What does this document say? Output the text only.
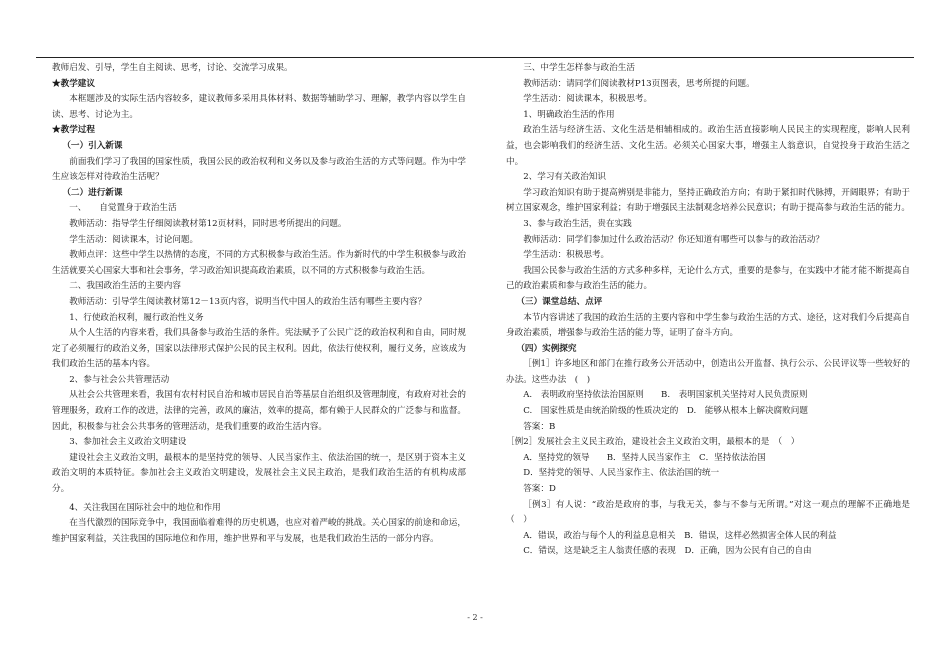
教师启发、引导，学生自主阅读、思考，讨论、交流学习成果。

★教学建议

本框题涉及的实际生活内容较多，建议教师多采用具体材料、数据等辅助学习、理解，教学内容以学生自读、思考、讨论为主。

★教学过程

（一）引入新课

前面我们学习了我国的国家性质，我国公民的政治权利和义务以及参与政治生活的方式等问题。作为中学生应该怎样对待政治生活呢？

（二）进行新课

一、　　自觉置身于政治生活

教师活动：指导学生仔细阅读教材第12页材料，同时思考所提出的问题。

学生活动：阅读课本，讨论问题。

教师点评：这些中学生以热情的态度，不同的方式积极参与政治生活。作为新时代的中学生积极参与政治生活就要关心国家大事和社会事务，学习政治知识提高政治素质，以不同的方式积极参与政治生活。

二、我国政治生活的主要内容

教师活动：引导学生阅读教材第12－13页内容，说明当代中国人的政治生活有哪些主要内容？

1、行使政治权利，履行政治性义务

从个人生活的内容来看，我们具备参与政治生活的条件。宪法赋予了公民广泛的政治权利和自由，同时规定了必须履行的政治义务，国家以法律形式保护公民的民主权利。因此，依法行使权利，履行义务，应该成为我们政治生活的基本内容。

2、参与社会公共管理活动

从社会公共管理来看，我国有农村村民自治和城市居民自治等基层自治组织及管理制度，有政府对社会的管理服务，政府工作的改进，法律的完善，政风的廉洁，效率的提高，都有赖于人民群众的广泛参与和监督。因此，积极参与社会公共事务的管理活动，是我们重要的政治生活内容。

3、参加社会主义政治文明建设

建设社会主义政治文明，最根本的是坚持党的领导、人民当家作主、依法治国的统一，是区别于资本主义政治文明的本质特征。参加社会主义政治文明建设，发展社会主义民主政治，是我们政治生活的有机构成部分。

4、关注我国在国际社会中的地位和作用

在当代激烈的国际竞争中，我国面临着难得的历史机遇，也应对着严峻的挑战。关心国家的前途和命运，维护国家利益，关注我国的国际地位和作用，维护世界和平与发展，也是我们政治生活的一部分内容。

三、中学生怎样参与政治生活

教师活动：请同学们阅读教材P13页图表，思考所提的问题。

学生活动：阅读课本，积极思考。

1、明确政治生活的作用

政治生活与经济生活、文化生活是相辅相成的。政治生活直接影响人民民主的实现程度，影响人民利益，也会影响我们的经济生活、文化生活。必须关心国家大事，增强主人翁意识，自觉投身于政治生活之中。

2、学习有关政治知识

学习政治知识有助于提高辨别是非能力，坚持正确政治方向；有助于紧扣时代脉搏，开阔眼界；有助于树立国家观念，维护国家利益；有助于增强民主法制观念培养公民意识；有助于提高参与政治生活的能力。

3、参与政治生活，贵在实践

教师活动：同学们参加过什么政治活动？你还知道有哪些可以参与的政治活动？

学生活动：积极思考。

我国公民参与政治生活的方式多种多样，无论什么方式，重要的是参与，在实践中才能才能不断提高自己的政治素质和参与政治生活的能力。

（三）课堂总结、点评

本节内容讲述了我国的政治生活的主要内容和中学生参与政治生活的方式、途径，这对我们今后提高自身政治素质，增强参与政治生活的能力等，证明了奋斗方向。

（四）实例探究

［例1］许多地区和部门在推行政务公开活动中，创造出公开监督、执行公示、公民评议等一些较好的办法。这些办法　(　)

A.　表明政府坚持依法治国原则　　B.　表明国家机关坚持对人民负责原则

C.　国家性质是由统治阶级的性质决定的　D.　能够从根本上解决腐败问题

答案：B

［例2］发展社会主义民主政治，建设社会主义政治文明，最根本的是　（　）

A．坚持党的领导　　B．坚持人民当家作主　C．坚持依法治国

D．坚持党的领导、人民当家作主、依法治国的统一

答案：D

［例3］有人说：“政治是政府的事，与我无关，参与不参与无所谓。”对这一观点的理解不正确地是（　）

A．错误，政治与每个人的利益息息相关　B．错误，这样必然损害全体人民的利益

C．错误，这是缺乏主人翁责任感的表现　D．正确，因为公民有自己的自由

- 2 -
